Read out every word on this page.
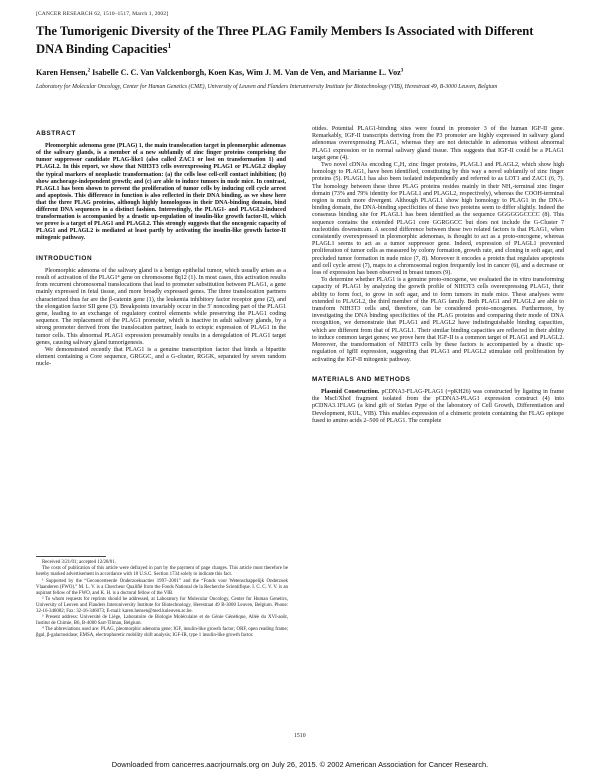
[CANCER RESEARCH 62, 1510–1517, March 1, 2002]
The Tumorigenic Diversity of the Three PLAG Family Members Is Associated with Different DNA Binding Capacities$^1$
Karen Hensen,$^2$ Isabelle C. C. Van Valckenborgh, Koen Kas, Wim J. M. Van de Ven, and Marianne L. Voz$^3$
Laboratory for Molecular Oncology, Center for Human Genetics (CME), University of Leuven and Flanders Interuniversity Institute for Biotechnology (VIB), Herestraat 49, B-3000 Leuven, Belgium
ABSTRACT

Pleomorphic adenoma gene (PLAG) 1, the main translocation target in pleomorphic adenomas of the salivary glands, is a member of a new subfamily of zinc finger proteins comprising the tumor suppressor candidate PLAG-like1 (also called ZAC1 or lost on transformation 1) and PLAGL2. In this report, we show that NIH3T3 cells overexpressing PLAG1 or PLAGL2 display the typical markers of neoplastic transformation: (a) the cells lose cell-cell contact inhibition; (b) show anchorage-independent growth; and (c) are able to induce tumors in nude mice. In contrast, PLAGL1 has been shown to prevent the proliferation of tumor cells by inducing cell cycle arrest and apoptosis. This difference in function is also reflected in their DNA binding, as we show here that the three PLAG proteins, although highly homologous in their DNA-binding domain, bind different DNA sequences in a distinct fashion. Interestingly, the PLAG1- and PLAGL2-induced transformation is accompanied by a drastic up-regulation of insulin-like growth factor-II, which we prove is a target of PLAG1 and PLAGL2. This strongly suggests that the oncogenic capacity of PLAG1 and PLAGL2 is mediated at least partly by activating the insulin-like growth factor-II mitogenic pathway.

INTRODUCTION

Pleomorphic adenoma of the salivary gland is a benign epithelial tumor, which usually arises as a result of activation of the PLAG1⁴ gene on chromosome 8q12 (1). In most cases, this activation results from recurrent chromosomal translocations that lead to promoter substitution between PLAG1, a gene mainly expressed in fetal tissue, and more broadly expressed genes. The three translocation partners characterized thus far are the β-catenin gene (1), the leukemia inhibitory factor receptor gene (2), and the elongation factor SII gene (3). Breakpoints invariably occur in the 5′ noncoding part of the PLAG1 gene, leading to an exchange of regulatory control elements while preserving the PLAG1 coding sequence. The replacement of the PLAG1 promoter, which is inactive in adult salivary glands, by a strong promoter derived from the translocation partner, leads to ectopic expression of PLAG1 in the tumor cells. This abnormal PLAG1 expression presumably results in a deregulation of PLAG1 target genes, causing salivary gland tumorigenesis.

We demonstrated recently that PLAG1 is a genuine transcription factor that binds a bipartite element containing a Core sequence, GRGGC, and a G-cluster, RGGK, separated by seven random nucle-

Received 3/21/01; accepted 12/28/01.

The costs of publication of this article were defrayed in part by the payment of page charges. This article must therefore be hereby marked advertisement in accordance with 18 U.S.C. Section 1734 solely to indicate this fact.

¹ Supported by the “Geconcerteerde Onderzoeksacties 1997–2001” and the “Fonds voor Wetenschappelijk Onderzoek Vlaanderen (FWO).” M. L. V. is a Chercheur Qualifié from the Fonds National de la Recherche Scientifique. I. C. C. V. V. is an aspirant fellow of the FWO, and K. H. is a doctoral fellow of the VIB.

² To whom requests for reprints should be addressed, at Laboratory for Molecular Oncology, Center for Human Genetics, University of Leuven and Flanders Interuniversity Institute for Biotechnology, Herestraat 49 B-3000 Leuven, Belgium. Phone: 32-16-346082; Fax: 32-16-346073; E-mail: karen.hensen@med.kuleuven.ac.be.

³ Present address: Université de Liège, Laboratoire de Biologie Moléculaire et de Génie Génétique, Allée du XVI-août, Institut de Chimie, B6, B-4000 Sart-Tilman, Belgium.

⁴ The abbreviations used are: PLAG, pleomorphic adenoma gene; IGF, insulin-like growth factor; ORF, open reading frame; βgal, β-galactosidase; EMSA, electrophoretic mobility shift analysis; IGF-IR, type 1 insulin-like growth factor.

otides. Potential PLAG1-binding sites were found in promoter 3 of the human IGF-II gene. Remarkably, IGF-II transcripts deriving from the P3 promoter are highly expressed in salivary gland adenomas overexpressing PLAG1, whereas they are not detectable in adenomas without abnormal PLAG1 expression or in normal salivary gland tissue. This suggests that IGF-II could be a PLAG1 target gene (4).

Two novel cDNAs encoding C₂H₂ zinc finger proteins, PLAGL1 and PLAGL2, which show high homology to PLAG1, have been identified, constituting by this way a novel subfamily of zinc finger proteins (5). PLAGL1 has also been isolated independently and referred to as LOT1 and ZAC1 (6, 7). The homology between these three PLAG proteins resides mainly in their NH₂-terminal zinc finger domain (73% and 79% identity for PLAGL1 and PLAGL2, respectively), whereas the COOH-terminal region is much more divergent. Although PLAGL1 show high homology to PLAG1 in the DNA-binding domain, the DNA-binding specificities of these two proteins seem to differ slightly. Indeed the consensus binding site for PLAGL1 has been identified as the sequence GGGGGGCCCC (8). This sequence contains the extended PLAG1 core GGRGGCC but does not include the G-Cluster 7 nucleotides downstream. A second difference between these two related factors is that PLAG1, when consistently overexpressed in pleomorphic adenomas, is thought to act as a proto-oncogene, whereas PLAGL1 seems to act as a tumor suppressor gene. Indeed, expression of PLAGL1 prevented proliferation of tumor cells as measured by colony formation, growth rate, and cloning in soft agar, and precluded tumor formation in nude mice (7, 8). Moreover it encodes a protein that regulates apoptosis and cell cycle arrest (7), maps to a chromosomal region frequently lost in cancer (6), and a decrease or loss of expression has been observed in breast tumors (9).

To determine whether PLAG1 is a genuine proto-oncogene, we evaluated the in vitro transforming capacity of PLAG1 by analyzing the growth profile of NIH3T3 cells overexpressing PLAG1, their ability to form foci, to grow in soft agar, and to form tumors in nude mice. These analyses were extended to PLAGL2, the third member of the PLAG family. Both PLAG1 and PLAGL2 are able to transform NIH3T3 cells and, therefore, can be considered proto-oncogenes. Furthermore, by investigating the DNA binding specificities of the PLAG proteins and comparing their mode of DNA recognition, we demonstrate that PLAG1 and PLAGL2 have indistinguishable binding capacities, which are different from that of PLAGL1. Their similar binding capacities are reflected in their ability to induce common target genes; we prove here that IGF-II is a common target of PLAG1 and PLAGL2. Moreover, the transformation of NIH3T3 cells by these factors is accompanied by a drastic up-regulation of IgfII expression, suggesting that PLAG1 and PLAGL2 stimulate cell proliferation by activating the IGF-II mitogenic pathway.

MATERIALS AND METHODS

Plasmid Construction. pCDNA3-FLAG-PLAG1 (=pKH26) was constructed by ligating in frame the MscI/XhoI fragment isolated from the pCDNA3-PLAG1 expression construct (4) into pCDNA3.1FLAG (a kind gift of Stefan Pype of the laboratory of Cell Growth, Differentiation and Development, KUL, VIB). This enables expression of a chimeric protein containing the FLAG epitope fused to amino acids 2–500 of PLAG1. The complete

1510
Downloaded from cancerres.aacrjournals.org on July 26, 2015. © 2002 American Association for Cancer Research.
